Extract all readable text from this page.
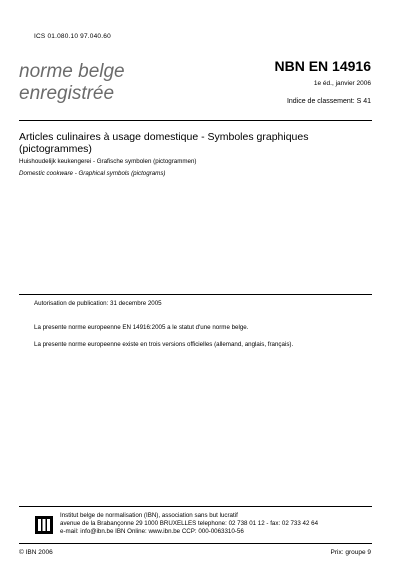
ICS 01.080.10 97.040.60
norme belge
enregistrée
NBN EN 14916
1e éd., janvier 2006
Indice de classement: S 41
Articles culinaires à usage domestique - Symboles graphiques (pictogrammes)
Huishoudelijk keukengerei - Grafische symbolen (pictogrammen)
Domestic cookware - Graphical symbols (pictograms)
Autorisation de publication: 31 decembre 2005
La presente norme europeenne EN 14916:2005 a le statut d'une norme belge.
La presente norme europeenne existe en trois versions officielles (allemand, anglais, français).
Institut belge de normalisation (IBN), association sans but lucratif
avenue de la Brabançonne 29 1000 BRUXELLES telephone: 02 738 01 12 - fax: 02 733 42 64
e-mail: info@ibn.be IBN Online: www.ibn.be CCP: 000-0063310-56
© IBN 2006	Prix: groupe 9
